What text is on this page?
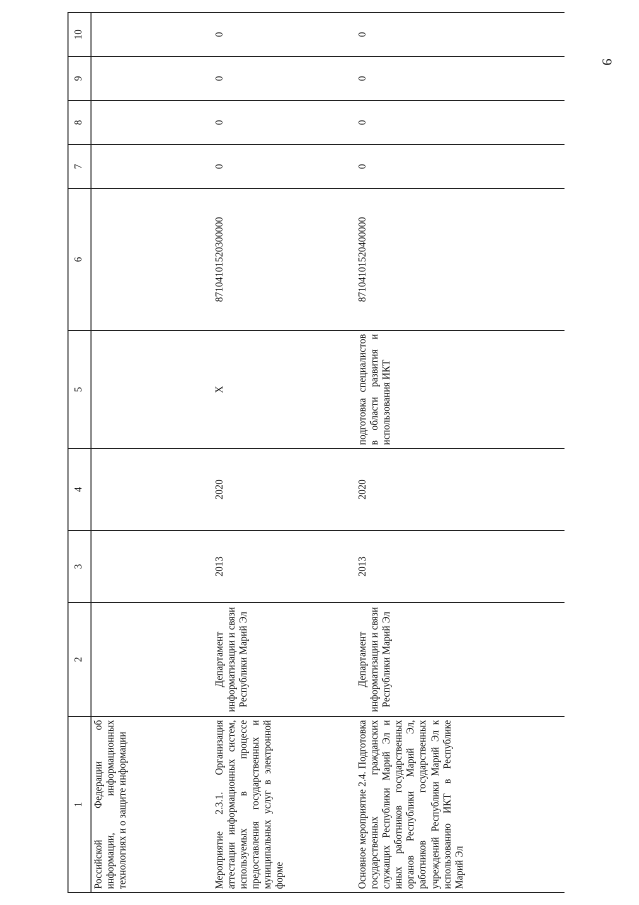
9
1	2	3	4	5	6	7	8	9	10
Российской Федерации об информации, информационных технологиях и о защите информации									
Мероприятие 2.3.1. Организация аттестации информационных систем, используемых в процессе предоставления государственных и муниципальных услуг в электронной форме	Департамент информатизации и связи Республики Марий Эл	2013	2020	Х	87104101520300000	0	0	0	0
Основное мероприятие 2.4. Подготовка государственных гражданских служащих Республики Марий Эл и иных работников государственных органов Республики Марий Эл, работников государственных учреждений Республики Марий Эл к использованию ИКТ в Республике Марий Эл	Департамент информатизации и связи Республики Марий Эл	2013	2020	подготовка специалистов в области развития и использования ИКТ	87104101520400000	0	0	0	0
